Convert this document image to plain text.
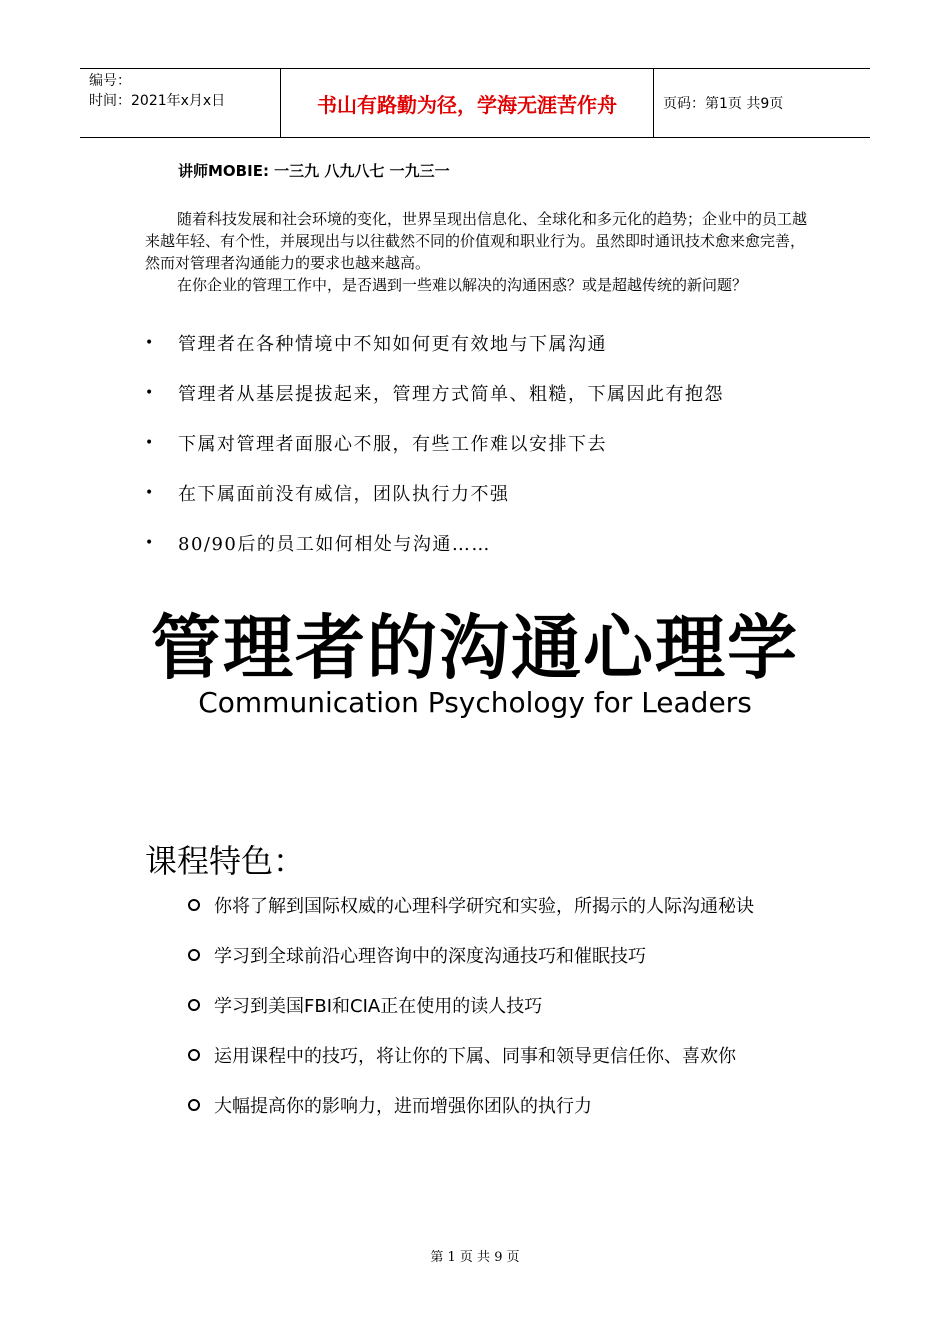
编号：
时间：2021年x月x日	书山有路勤为径，学海无涯苦作舟	页码：第1页 共9页
讲师MOBIE: 一三九 八九八七 一九三一

随着科技发展和社会环境的变化，世界呈现出信息化、全球化和多元化的趋势；企业中的员工越来越年轻、有个性，并展现出与以往截然不同的价值观和职业行为。虽然即时通讯技术愈来愈完善，然而对管理者沟通能力的要求也越来越高。

在你企业的管理工作中，是否遇到一些难以解决的沟通困惑？或是超越传统的新问题？

•	管理者在各种情境中不知如何更有效地与下属沟通
•	管理者从基层提拔起来，管理方式简单、粗糙，下属因此有抱怨
•	下属对管理者面服心不服，有些工作难以安排下去
•	在下属面前没有威信，团队执行力不强
•	80/90后的员工如何相处与沟通……
管理者的沟通心理学
Communication Psychology for Leaders
课程特色：
你将了解到国际权威的心理科学研究和实验，所揭示的人际沟通秘诀
学习到全球前沿心理咨询中的深度沟通技巧和催眠技巧
学习到美国FBI和CIA正在使用的读人技巧
运用课程中的技巧，将让你的下属、同事和领导更信任你、喜欢你
大幅提高你的影响力，进而增强你团队的执行力
第 1 页 共 9 页
